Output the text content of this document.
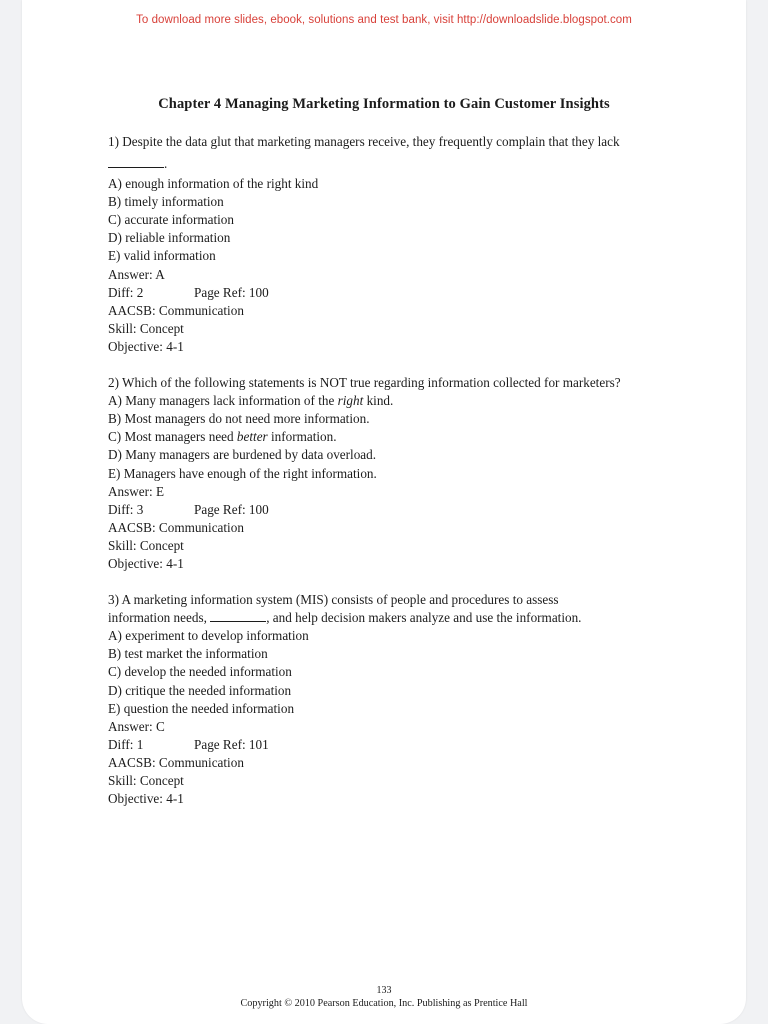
To download more slides, ebook, solutions and test bank, visit http://downloadslide.blogspot.com
Chapter 4 Managing Marketing Information to Gain Customer Insights

1) Despite the data glut that marketing managers receive, they frequently complain that they lack

.

A) enough information of the right kind

B) timely information

C) accurate information

D) reliable information

E) valid information

Answer: A

Diff: 2	Page Ref: 100

AACSB: Communication

Skill: Concept

Objective: 4-1

2) Which of the following statements is NOT true regarding information collected for marketers?

A) Many managers lack information of the right kind.

B) Most managers do not need more information.

C) Most managers need better information.

D) Many managers are burdened by data overload.

E) Managers have enough of the right information.

Answer: E

Diff: 3	Page Ref: 100

AACSB: Communication

Skill: Concept

Objective: 4-1

3) A marketing information system (MIS) consists of people and procedures to assess

information needs,	, and help decision makers analyze and use the information.

A) experiment to develop information

B) test market the information

C) develop the needed information

D) critique the needed information

E) question the needed information

Answer: C

Diff: 1	Page Ref: 101

AACSB: Communication

Skill: Concept

Objective: 4-1

133
Copyright © 2010 Pearson Education, Inc. Publishing as Prentice Hall
